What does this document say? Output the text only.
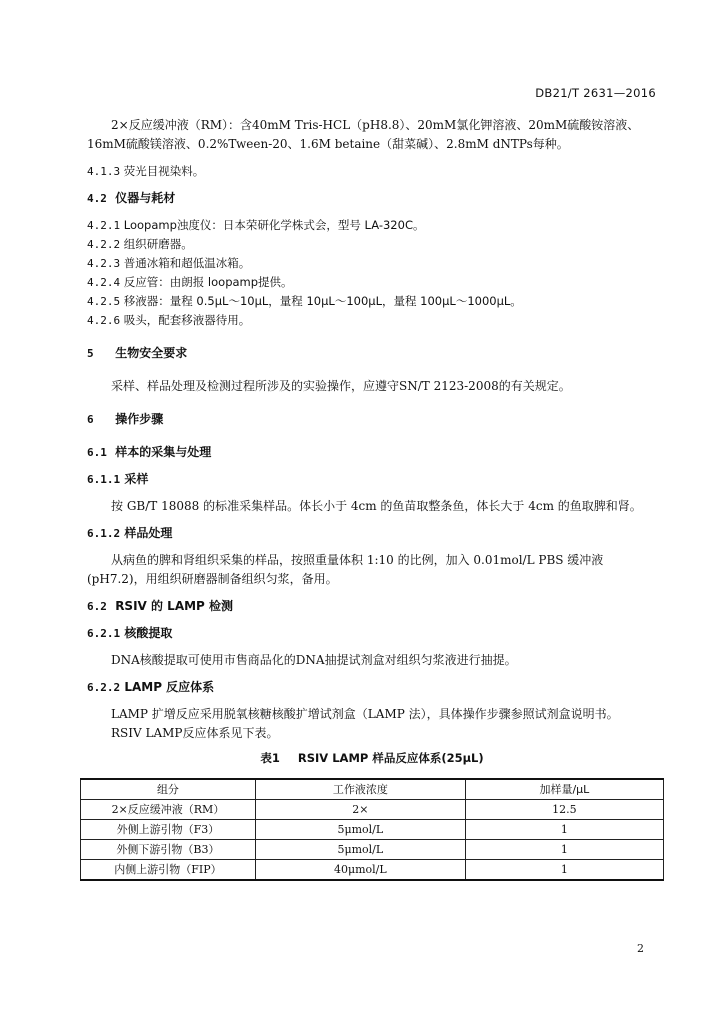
DB21/T 2631—2016

2×反应缓冲液（RM）：含40mM Tris-HCL（pH8.8）、20mM氯化钾溶液、20mM硫酸铵溶液、16mM硫酸镁溶液、0.2%Tween-20、1.6M betaine（甜菜碱）、2.8mM dNTPs每种。

4.1.3 荧光目视染料。

4.2 仪器与耗材

4.2.1 Loopamp浊度仪：日本荣研化学株式会，型号 LA-320C。

4.2.2 组织研磨器。

4.2.3 普通冰箱和超低温冰箱。

4.2.4 反应管：由朗报 loopamp提供。

4.2.5 移液器：量程 0.5μL～10μL，量程 10μL～100μL，量程 100μL～1000μL。

4.2.6 吸头，配套移液器待用。

5 生物安全要求

采样、样品处理及检测过程所涉及的实验操作，应遵守SN/T 2123-2008的有关规定。

6 操作步骤

6.1 样本的采集与处理

6.1.1 采样

按 GB/T 18088 的标准采集样品。体长小于 4cm 的鱼苗取整条鱼，体长大于 4cm 的鱼取脾和肾。

6.1.2 样品处理

从病鱼的脾和肾组织采集的样品，按照重量体积 1:10 的比例，加入 0.01mol/L PBS 缓冲液(pH7.2)，用组织研磨器制备组织匀浆，备用。

6.2 RSIV 的 LAMP 检测

6.2.1 核酸提取

DNA核酸提取可使用市售商品化的DNA抽提试剂盒对组织匀浆液进行抽提。

6.2.2 LAMP 反应体系

LAMP 扩增反应采用脱氧核糖核酸扩增试剂盒（LAMP 法），具体操作步骤参照试剂盒说明书。

RSIV LAMP反应体系见下表。

表1 RSIV LAMP 样品反应体系(25μL)
组分	工作液浓度	加样量/μL
2×反应缓冲液（RM）	2×	12.5
外侧上游引物（F3）	5μmol/L	1
外侧下游引物（B3）	5μmol/L	1
内侧上游引物（FIP）	40μmol/L	1
2
